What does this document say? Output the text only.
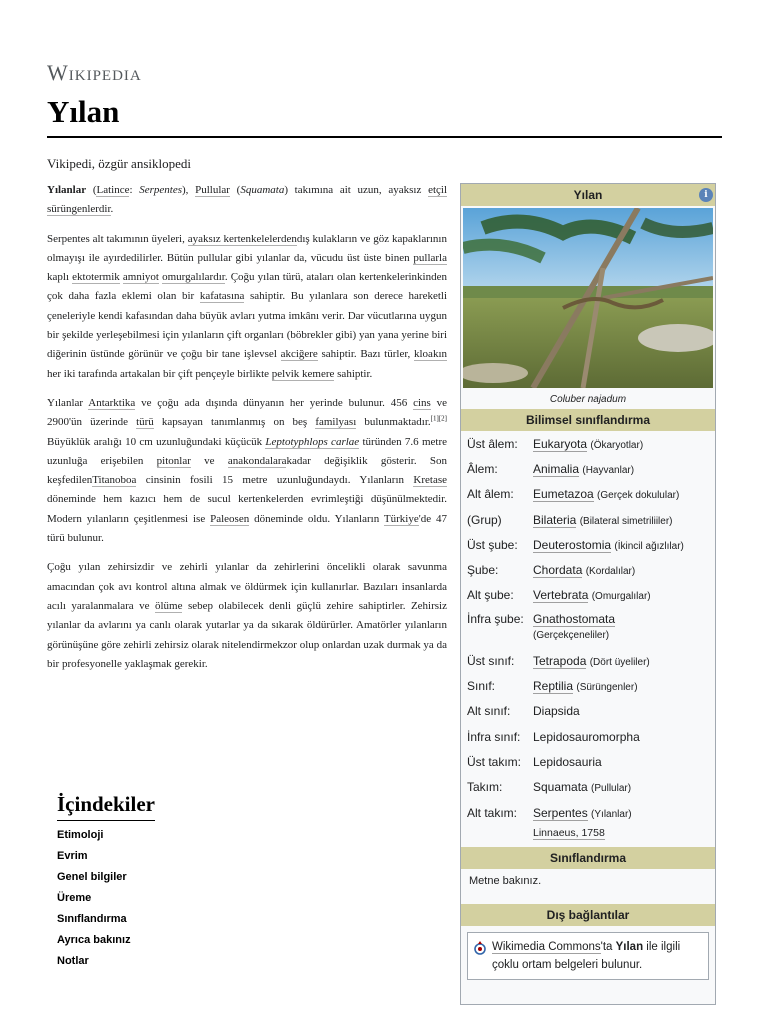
Wikipedia
Yılan
Vikipedi, özgür ansiklopedi

Yılanlar (Latince: Serpentes), Pullular (Squamata) takımına ait uzun, ayaksız etçil sürüngenlerdir.

Serpentes alt takımının üyeleri, ayaksız kertenkelelerdendış kulakların ve göz kapaklarının olmayışı ile ayırdedilirler. Bütün pullular gibi yılanlar da, vücudu üst üste binen pullarla kaplı ektotermik amniyot omurgalılardır. Çoğu yılan türü, ataları olan kertenkelerinkinden çok daha fazla eklemi olan bir kafatasına sahiptir. Bu yılanlara son derece hareketli çeneleriyle kendi kafasından daha büyük avları yutma imkânı verir. Dar vücutlarına uygun bir şekilde yerleşebilmesi için yılanların çift organları (böbrekler gibi) yan yana yerine biri diğerinin üstünde görünür ve çoğu bir tane işlevsel akciğere sahiptir. Bazı türler, kloakın her iki tarafında artakalan bir çift pençeyle birlikte pelvik kemere sahiptir.

Yılanlar Antarktika ve çoğu ada dışında dünyanın her yerinde bulunur. 456 cins ve 2900'ün üzerinde türü kapsayan tanımlanmış on beş familyası bulunmaktadır.[1][2] Büyüklük aralığı 10 cm uzunluğundaki küçücük Leptotyphlops carlae türünden 7.6 metre uzunluğa erişebilen pitonlar ve anakondalarakadar değişiklik gösterir. Son keşfedilenTitanoboa cinsinin fosili 15 metre uzunluğundaydı. Yılanların Kretase döneminde hem kazıcı hem de sucul kertenkelerden evrimleştiği düşünülmektedir. Modern yılanların çeşitlenmesi ise Paleosen döneminde oldu. Yılanların Türkiye'de 47 türü bulunur.

Çoğu yılan zehirsizdir ve zehirli yılanlar da zehirlerini öncelikli olarak savunma amacından çok avı kontrol altına almak ve öldürmek için kullanırlar. Bazıları insanlarda acılı yaralanmalara ve ölüme sebep olabilecek denli güçlü zehire sahiptirler. Zehirsiz yılanlar da avlarını ya canlı olarak yutarlar ya da sıkarak öldürürler. Amatörler yılanların görünüşüne göre zehirli zehirsiz olarak nitelendirmekzor olup onlardan uzak durmak ya da bir profesyonelle yaklaşmak gerekir.

İçindekiler
Etimoloji
Evrim
Genel bilgiler
Üreme
Sınıflandırma
Ayrıca bakınız
Notlar
Yılan	i
Coluber najadum
Bilimsel sınıflandırma
Üst âlem:	Eukaryota (Ökaryotlar)
Âlem:	Animalia (Hayvanlar)
Alt âlem:	Eumetazoa (Gerçek dokulular)
(Grup)	Bilateria (Bilateral simetriliiler)
Üst şube:	Deuterostomia (İkincil ağızlılar)
Şube:	Chordata (Kordalılar)
Alt şube:	Vertebrata (Omurgalılar)
İnfra şube: Gnathostomata
(Gerçekçeneliler)
Üst sınıf:	Tetrapoda (Dört üyeliler)
Sınıf:	Reptilia (Sürüngenler)
Alt sınıf:	Diapsida
İnfra sınıf:	Lepidosauromorpha
Üst takım: Lepidosauria
Takım:	Squamata (Pullular)
Alt takım:	Serpentes (Yılanlar)
Linnaeus, 1758
Sınıflandırma
Metne bakınız.
Dış bağlantılar
Wikimedia Commons'ta Yılan ile ilgili çoklu ortam belgeleri bulunur.
